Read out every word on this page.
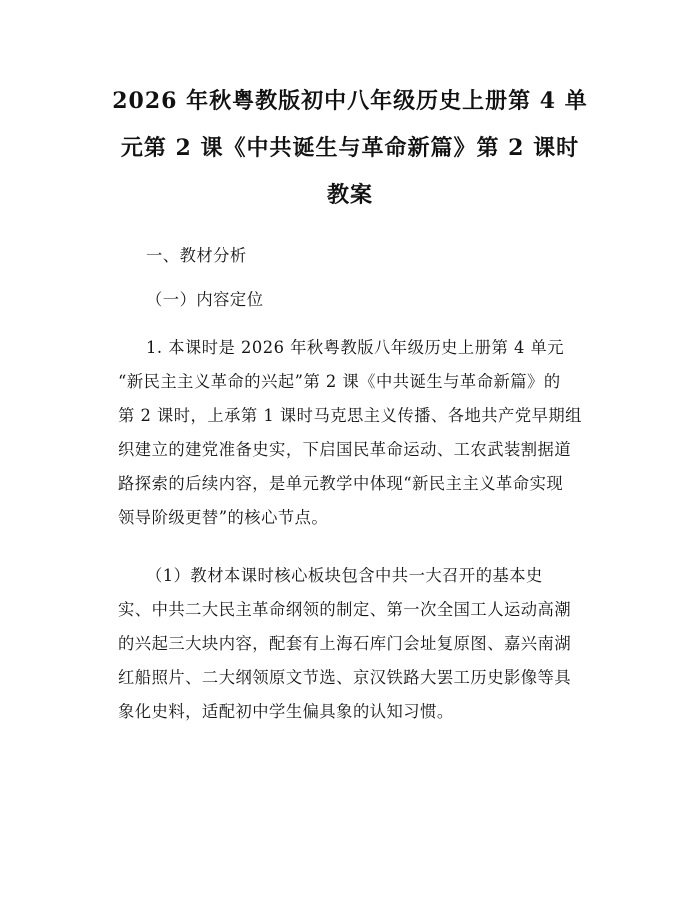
2026 年秋粤教版初中八年级历史上册第 4 单
元第 2 课《中共诞生与革命新篇》第 2 课时
教案
一、教材分析
（一）内容定位
1. 本课时是 2026 年秋粤教版八年级历史上册第 4 单元
“新民主主义革命的兴起”第 2 课《中共诞生与革命新篇》的
第 2 课时，上承第 1 课时马克思主义传播、各地共产党早期组
织建立的建党准备史实，下启国民革命运动、工农武装割据道
路探索的后续内容，是单元教学中体现“新民主主义革命实现
领导阶级更替”的核心节点。
（1）教材本课时核心板块包含中共一大召开的基本史
实、中共二大民主革命纲领的制定、第一次全国工人运动高潮
的兴起三大块内容，配套有上海石库门会址复原图、嘉兴南湖
红船照片、二大纲领原文节选、京汉铁路大罢工历史影像等具
象化史料，适配初中学生偏具象的认知习惯。
